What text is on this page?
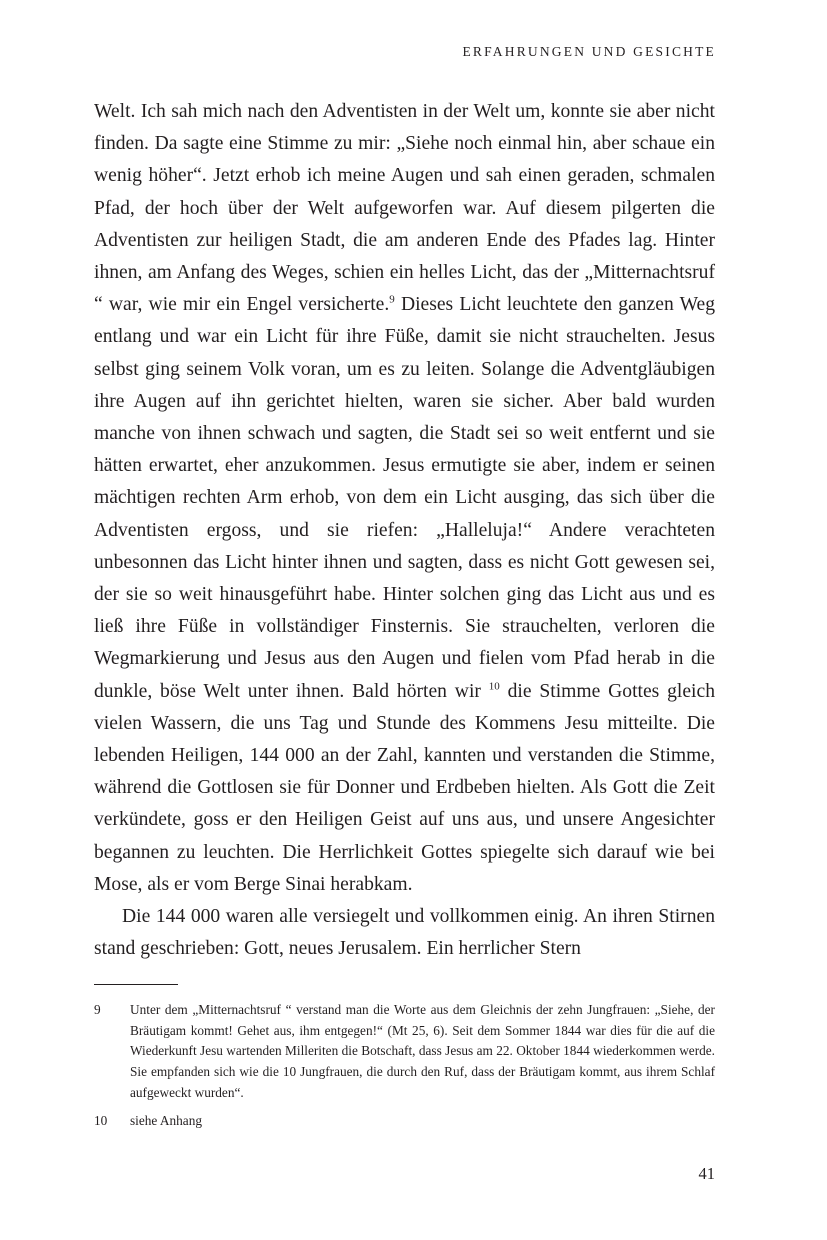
ERFAHRUNGEN UND GESICHTE

Welt. Ich sah mich nach den Adventisten in der Welt um, konnte sie aber nicht finden. Da sagte eine Stimme zu mir: „Siehe noch einmal hin, aber schaue ein wenig höher“. Jetzt erhob ich meine Augen und sah einen geraden, schmalen Pfad, der hoch über der Welt aufgeworfen war. Auf diesem pilgerten die Adventisten zur heiligen Stadt, die am anderen Ende des Pfades lag. Hinter ihnen, am Anfang des Weges, schien ein helles Licht, das der „Mitternachtsruf “ war, wie mir ein Engel versicherte.$^9$ Dieses Licht leuchtete den ganzen Weg entlang und war ein Licht für ihre Füße, damit sie nicht strauchelten. Jesus selbst ging seinem Volk voran, um es zu leiten. Solange die Adventgläubigen ihre Augen auf ihn gerichtet hielten, waren sie sicher. Aber bald wurden manche von ihnen schwach und sagten, die Stadt sei so weit entfernt und sie hätten erwartet, eher anzukommen. Jesus ermutigte sie aber, indem er seinen mächtigen rechten Arm erhob, von dem ein Licht ausging, das sich über die Adventisten ergoss, und sie riefen: „Halleluja!“ Andere verachteten unbesonnen das Licht hinter ihnen und sagten, dass es nicht Gott gewesen sei, der sie so weit hinausgeführt habe. Hinter solchen ging das Licht aus und es ließ ihre Füße in vollständiger Finsternis. Sie strauchelten, verloren die Wegmarkierung und Jesus aus den Augen und fielen vom Pfad herab in die dunkle, böse Welt unter ihnen. Bald hörten wir $^{10}$ die Stimme Gottes gleich vielen Wassern, die uns Tag und Stunde des Kommens Jesu mitteilte. Die lebenden Heiligen, 144 000 an der Zahl, kannten und verstanden die Stimme, während die Gottlosen sie für Donner und Erdbeben hielten. Als Gott die Zeit verkündete, goss er den Heiligen Geist auf uns aus, und unsere Angesichter begannen zu leuchten. Die Herrlichkeit Gottes spiegelte sich darauf wie bei Mose, als er vom Berge Sinai herabkam.

Die 144 000 waren alle versiegelt und vollkommen einig. An ihren Stirnen stand geschrieben: Gott, neues Jerusalem. Ein herrlicher Stern

9	Unter dem „Mitternachtsruf “ verstand man die Worte aus dem Gleichnis der zehn Jungfrauen: „Siehe, der Bräutigam kommt! Gehet aus, ihm entgegen!“ (Mt 25, 6). Seit dem Sommer 1844 war dies für die auf die Wiederkunft Jesu wartenden Milleriten die Botschaft, dass Jesus am 22. Oktober 1844 wiederkommen werde. Sie empfanden sich wie die 10 Jungfrauen, die durch den Ruf, dass der Bräutigam kommt, aus ihrem Schlaf aufgeweckt wurden“.
10	siehe Anhang
41
